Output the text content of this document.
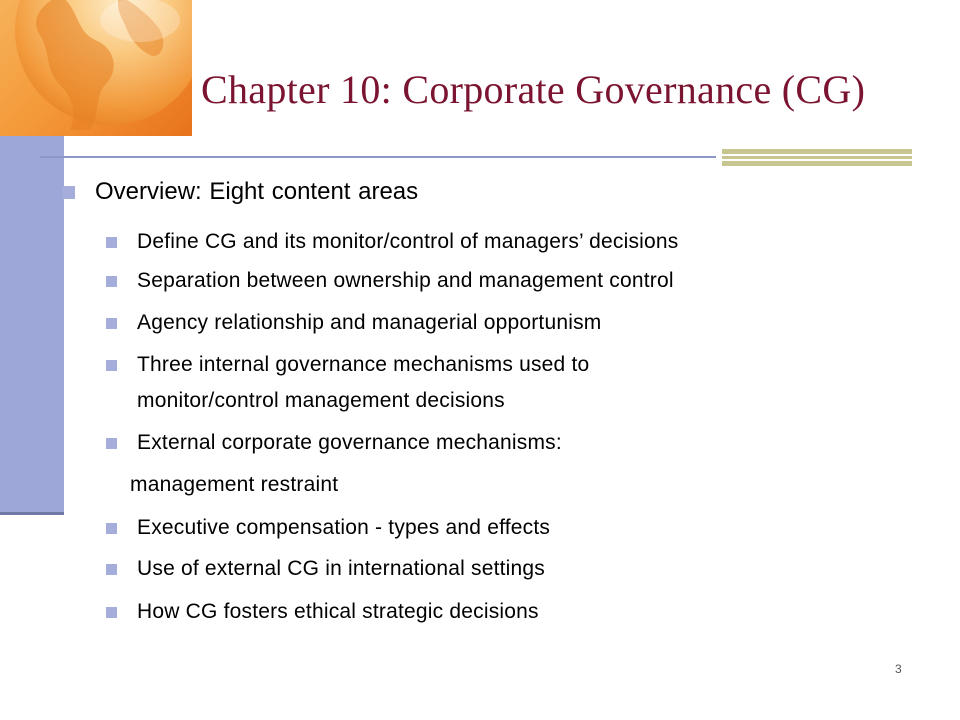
Chapter 10: Corporate Governance (CG)
Overview: Eight content areas
Define CG and its monitor/control of managers’ decisions
Separation between ownership and management control
Agency relationship and managerial opportunism
Three internal governance mechanisms used to
monitor/control management decisions
External corporate governance mechanisms:
management restraint
Executive compensation - types and effects
Use of external CG in international settings
How CG fosters ethical strategic decisions
3
